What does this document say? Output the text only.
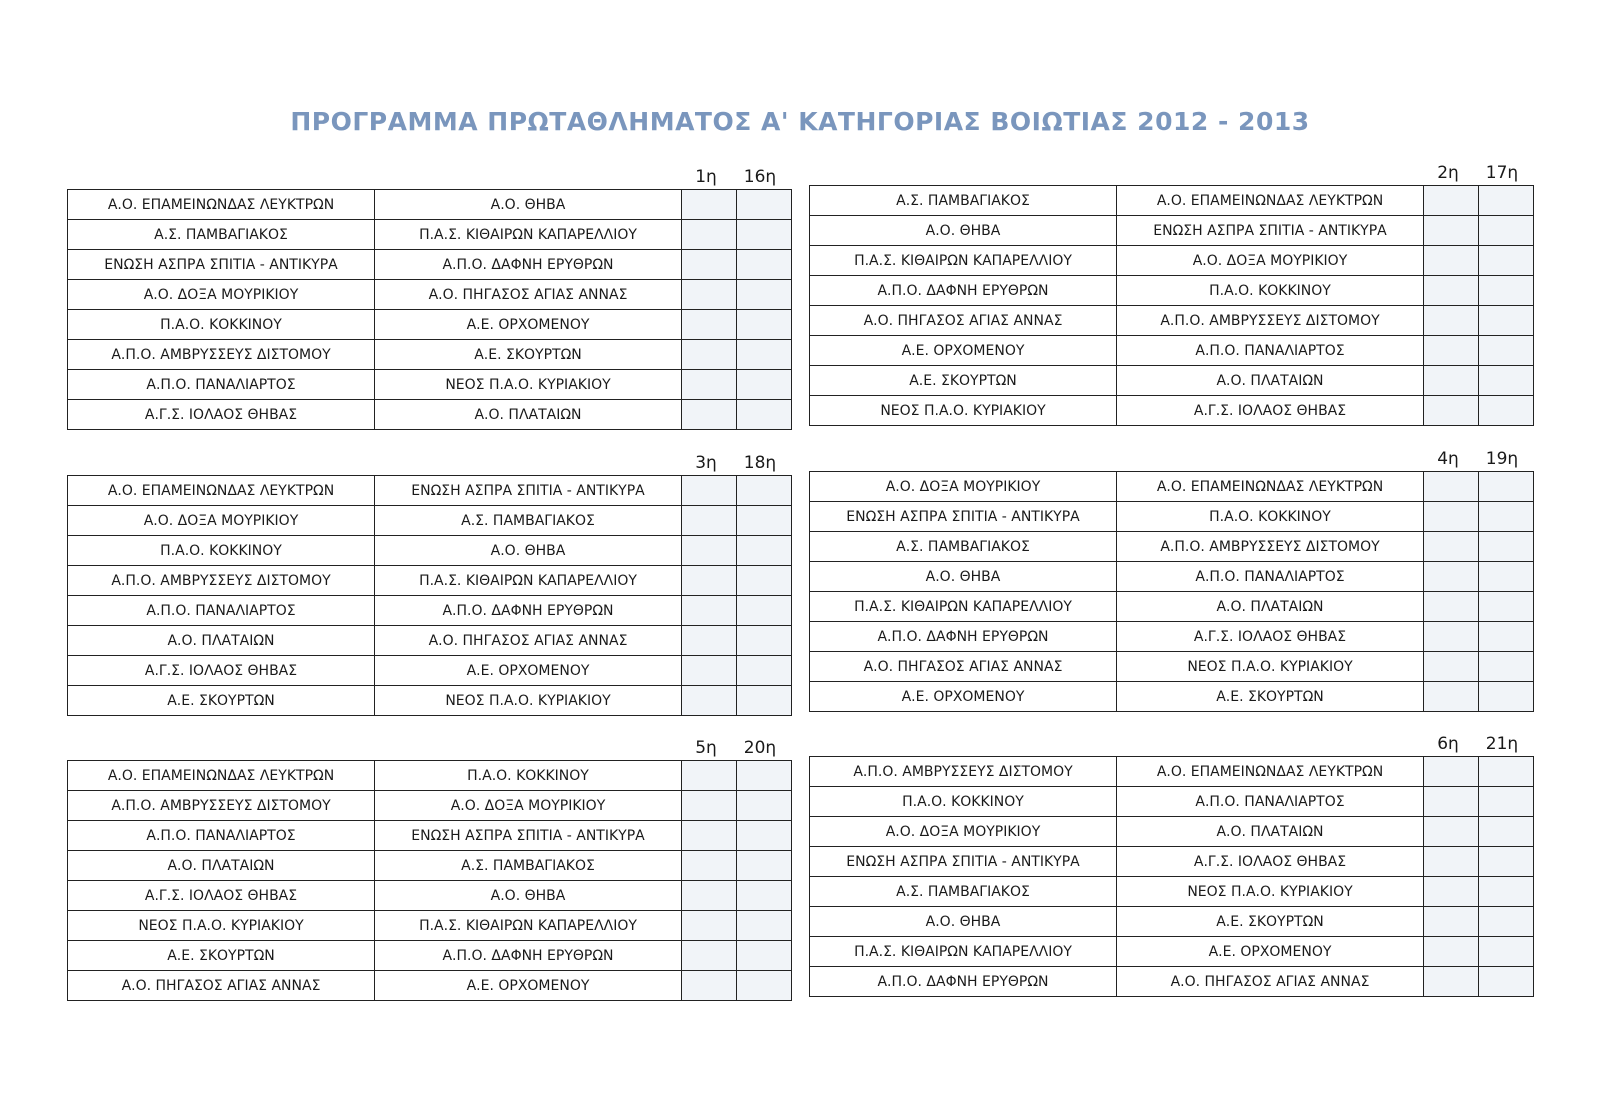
ΠΡΟΓΡΑΜΜΑ ΠΡΩΤΑΘΛΗΜΑΤΟΣ Α' ΚΑΤΗΓΟΡΙΑΣ ΒΟΙΩΤΙΑΣ 2012 - 2013
1η	16η
Α.Ο. ΕΠΑΜΕΙΝΩΝΔΑΣ ΛΕΥΚΤΡΩΝ	Α.Ο. ΘΗΒΑ		
Α.Σ. ΠΑΜΒΑΓΙΑΚΟΣ	Π.Α.Σ. ΚΙΘΑΙΡΩΝ ΚΑΠΑΡΕΛΛΙΟΥ		
ΕΝΩΣΗ ΑΣΠΡΑ ΣΠΙΤΙΑ - ΑΝΤΙΚΥΡΑ	Α.Π.Ο. ΔΑΦΝΗ ΕΡΥΘΡΩΝ		
Α.Ο. ΔΟΞΑ ΜΟΥΡΙΚΙΟΥ	Α.Ο. ΠΗΓΑΣΟΣ ΑΓΙΑΣ ΑΝΝΑΣ		
Π.Α.Ο. ΚΟΚΚΙΝΟΥ	Α.Ε. ΟΡΧΟΜΕΝΟΥ		
Α.Π.Ο. ΑΜΒΡΥΣΣΕΥΣ ΔΙΣΤΟΜΟΥ	Α.Ε. ΣΚΟΥΡΤΩΝ		
Α.Π.Ο. ΠΑΝΑΛΙΑΡΤΟΣ	ΝΕΟΣ Π.Α.Ο. ΚΥΡΙΑΚΙΟΥ		
Α.Γ.Σ. ΙΟΛΑΟΣ ΘΗΒΑΣ	Α.Ο. ΠΛΑΤΑΙΩΝ		
2η	17η
Α.Σ. ΠΑΜΒΑΓΙΑΚΟΣ	Α.Ο. ΕΠΑΜΕΙΝΩΝΔΑΣ ΛΕΥΚΤΡΩΝ		
Α.Ο. ΘΗΒΑ	ΕΝΩΣΗ ΑΣΠΡΑ ΣΠΙΤΙΑ - ΑΝΤΙΚΥΡΑ		
Π.Α.Σ. ΚΙΘΑΙΡΩΝ ΚΑΠΑΡΕΛΛΙΟΥ	Α.Ο. ΔΟΞΑ ΜΟΥΡΙΚΙΟΥ		
Α.Π.Ο. ΔΑΦΝΗ ΕΡΥΘΡΩΝ	Π.Α.Ο. ΚΟΚΚΙΝΟΥ		
Α.Ο. ΠΗΓΑΣΟΣ ΑΓΙΑΣ ΑΝΝΑΣ	Α.Π.Ο. ΑΜΒΡΥΣΣΕΥΣ ΔΙΣΤΟΜΟΥ		
Α.Ε. ΟΡΧΟΜΕΝΟΥ	Α.Π.Ο. ΠΑΝΑΛΙΑΡΤΟΣ		
Α.Ε. ΣΚΟΥΡΤΩΝ	Α.Ο. ΠΛΑΤΑΙΩΝ		
ΝΕΟΣ Π.Α.Ο. ΚΥΡΙΑΚΙΟΥ	Α.Γ.Σ. ΙΟΛΑΟΣ ΘΗΒΑΣ		
3η	18η
Α.Ο. ΕΠΑΜΕΙΝΩΝΔΑΣ ΛΕΥΚΤΡΩΝ	ΕΝΩΣΗ ΑΣΠΡΑ ΣΠΙΤΙΑ - ΑΝΤΙΚΥΡΑ		
Α.Ο. ΔΟΞΑ ΜΟΥΡΙΚΙΟΥ	Α.Σ. ΠΑΜΒΑΓΙΑΚΟΣ		
Π.Α.Ο. ΚΟΚΚΙΝΟΥ	Α.Ο. ΘΗΒΑ		
Α.Π.Ο. ΑΜΒΡΥΣΣΕΥΣ ΔΙΣΤΟΜΟΥ	Π.Α.Σ. ΚΙΘΑΙΡΩΝ ΚΑΠΑΡΕΛΛΙΟΥ		
Α.Π.Ο. ΠΑΝΑΛΙΑΡΤΟΣ	Α.Π.Ο. ΔΑΦΝΗ ΕΡΥΘΡΩΝ		
Α.Ο. ΠΛΑΤΑΙΩΝ	Α.Ο. ΠΗΓΑΣΟΣ ΑΓΙΑΣ ΑΝΝΑΣ		
Α.Γ.Σ. ΙΟΛΑΟΣ ΘΗΒΑΣ	Α.Ε. ΟΡΧΟΜΕΝΟΥ		
Α.Ε. ΣΚΟΥΡΤΩΝ	ΝΕΟΣ Π.Α.Ο. ΚΥΡΙΑΚΙΟΥ		
4η	19η
Α.Ο. ΔΟΞΑ ΜΟΥΡΙΚΙΟΥ	Α.Ο. ΕΠΑΜΕΙΝΩΝΔΑΣ ΛΕΥΚΤΡΩΝ		
ΕΝΩΣΗ ΑΣΠΡΑ ΣΠΙΤΙΑ - ΑΝΤΙΚΥΡΑ	Π.Α.Ο. ΚΟΚΚΙΝΟΥ		
Α.Σ. ΠΑΜΒΑΓΙΑΚΟΣ	Α.Π.Ο. ΑΜΒΡΥΣΣΕΥΣ ΔΙΣΤΟΜΟΥ		
Α.Ο. ΘΗΒΑ	Α.Π.Ο. ΠΑΝΑΛΙΑΡΤΟΣ		
Π.Α.Σ. ΚΙΘΑΙΡΩΝ ΚΑΠΑΡΕΛΛΙΟΥ	Α.Ο. ΠΛΑΤΑΙΩΝ		
Α.Π.Ο. ΔΑΦΝΗ ΕΡΥΘΡΩΝ	Α.Γ.Σ. ΙΟΛΑΟΣ ΘΗΒΑΣ		
Α.Ο. ΠΗΓΑΣΟΣ ΑΓΙΑΣ ΑΝΝΑΣ	ΝΕΟΣ Π.Α.Ο. ΚΥΡΙΑΚΙΟΥ		
Α.Ε. ΟΡΧΟΜΕΝΟΥ	Α.Ε. ΣΚΟΥΡΤΩΝ		
5η	20η
Α.Ο. ΕΠΑΜΕΙΝΩΝΔΑΣ ΛΕΥΚΤΡΩΝ	Π.Α.Ο. ΚΟΚΚΙΝΟΥ		
Α.Π.Ο. ΑΜΒΡΥΣΣΕΥΣ ΔΙΣΤΟΜΟΥ	Α.Ο. ΔΟΞΑ ΜΟΥΡΙΚΙΟΥ		
Α.Π.Ο. ΠΑΝΑΛΙΑΡΤΟΣ	ΕΝΩΣΗ ΑΣΠΡΑ ΣΠΙΤΙΑ - ΑΝΤΙΚΥΡΑ		
Α.Ο. ΠΛΑΤΑΙΩΝ	Α.Σ. ΠΑΜΒΑΓΙΑΚΟΣ		
Α.Γ.Σ. ΙΟΛΑΟΣ ΘΗΒΑΣ	Α.Ο. ΘΗΒΑ		
ΝΕΟΣ Π.Α.Ο. ΚΥΡΙΑΚΙΟΥ	Π.Α.Σ. ΚΙΘΑΙΡΩΝ ΚΑΠΑΡΕΛΛΙΟΥ		
Α.Ε. ΣΚΟΥΡΤΩΝ	Α.Π.Ο. ΔΑΦΝΗ ΕΡΥΘΡΩΝ		
Α.Ο. ΠΗΓΑΣΟΣ ΑΓΙΑΣ ΑΝΝΑΣ	Α.Ε. ΟΡΧΟΜΕΝΟΥ		
6η	21η
Α.Π.Ο. ΑΜΒΡΥΣΣΕΥΣ ΔΙΣΤΟΜΟΥ	Α.Ο. ΕΠΑΜΕΙΝΩΝΔΑΣ ΛΕΥΚΤΡΩΝ		
Π.Α.Ο. ΚΟΚΚΙΝΟΥ	Α.Π.Ο. ΠΑΝΑΛΙΑΡΤΟΣ		
Α.Ο. ΔΟΞΑ ΜΟΥΡΙΚΙΟΥ	Α.Ο. ΠΛΑΤΑΙΩΝ		
ΕΝΩΣΗ ΑΣΠΡΑ ΣΠΙΤΙΑ - ΑΝΤΙΚΥΡΑ	Α.Γ.Σ. ΙΟΛΑΟΣ ΘΗΒΑΣ		
Α.Σ. ΠΑΜΒΑΓΙΑΚΟΣ	ΝΕΟΣ Π.Α.Ο. ΚΥΡΙΑΚΙΟΥ		
Α.Ο. ΘΗΒΑ	Α.Ε. ΣΚΟΥΡΤΩΝ		
Π.Α.Σ. ΚΙΘΑΙΡΩΝ ΚΑΠΑΡΕΛΛΙΟΥ	Α.Ε. ΟΡΧΟΜΕΝΟΥ		
Α.Π.Ο. ΔΑΦΝΗ ΕΡΥΘΡΩΝ	Α.Ο. ΠΗΓΑΣΟΣ ΑΓΙΑΣ ΑΝΝΑΣ		
